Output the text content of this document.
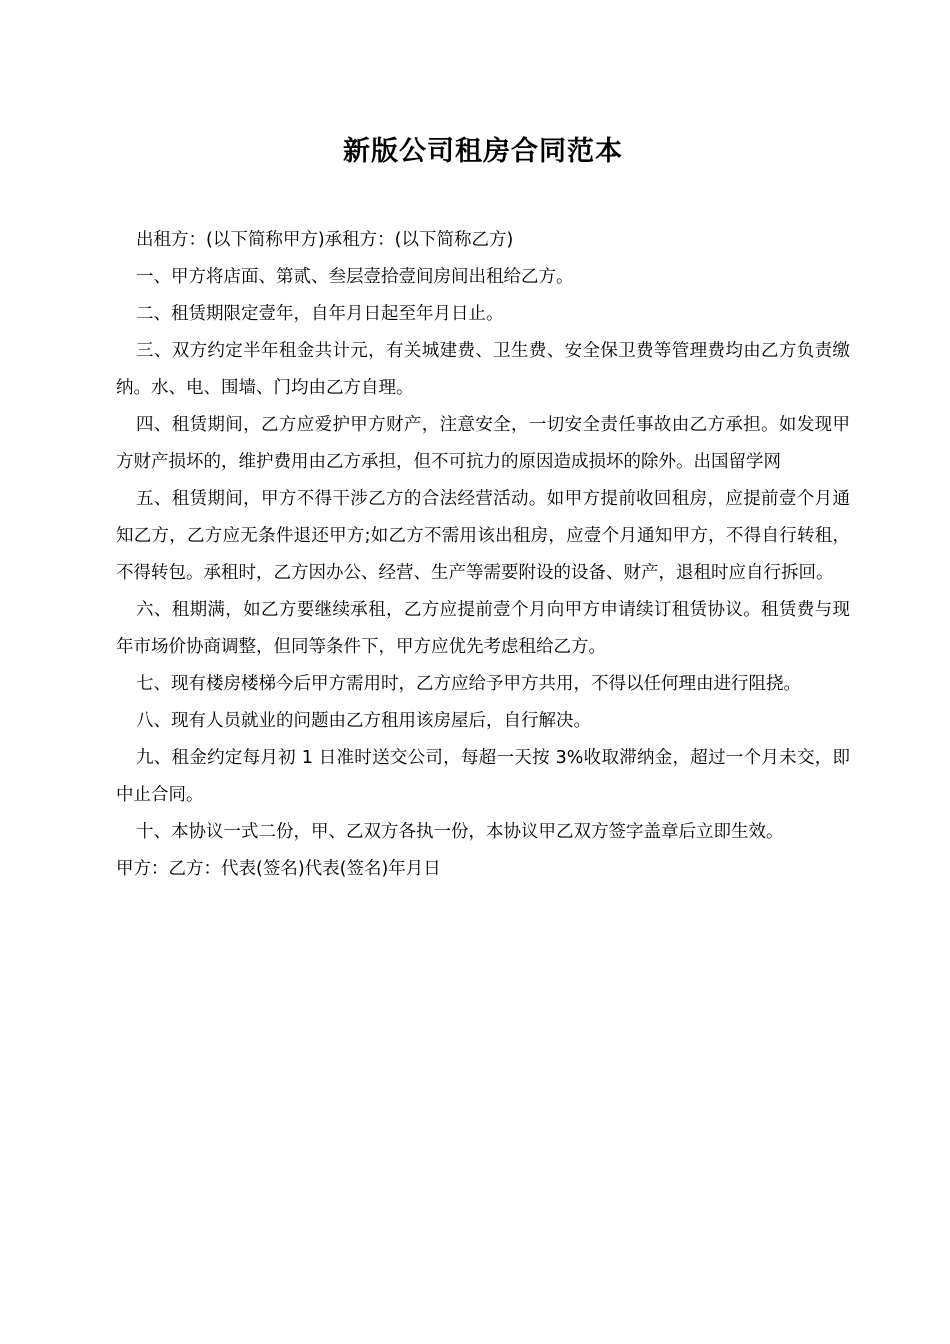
新版公司租房合同范本

出租方：(以下简称甲方)承租方：(以下简称乙方)

一、甲方将店面、第贰、叁层壹拾壹间房间出租给乙方。

二、租赁期限定壹年，自年月日起至年月日止。

三、双方约定半年租金共计元，有关城建费、卫生费、安全保卫费等管理费均由乙方负责缴纳。水、电、围墙、门均由乙方自理。

四、租赁期间，乙方应爱护甲方财产，注意安全，一切安全责任事故由乙方承担。如发现甲方财产损坏的，维护费用由乙方承担，但不可抗力的原因造成损坏的除外。出国留学网

五、租赁期间，甲方不得干涉乙方的合法经营活动。如甲方提前收回租房，应提前壹个月通知乙方，乙方应无条件退还甲方;如乙方不需用该出租房，应壹个月通知甲方，不得自行转租，不得转包。承租时，乙方因办公、经营、生产等需要附设的设备、财产，退租时应自行拆回。

六、租期满，如乙方要继续承租，乙方应提前壹个月向甲方申请续订租赁协议。租赁费与现年市场价协商调整，但同等条件下，甲方应优先考虑租给乙方。

七、现有楼房楼梯今后甲方需用时，乙方应给予甲方共用，不得以任何理由进行阻挠。

八、现有人员就业的问题由乙方租用该房屋后，自行解决。

九、租金约定每月初 1 日准时送交公司，每超一天按 3%收取滞纳金，超过一个月未交，即中止合同。

十、本协议一式二份，甲、乙双方各执一份，本协议甲乙双方签字盖章后立即生效。

甲方：乙方：代表(签名)代表(签名)年月日
